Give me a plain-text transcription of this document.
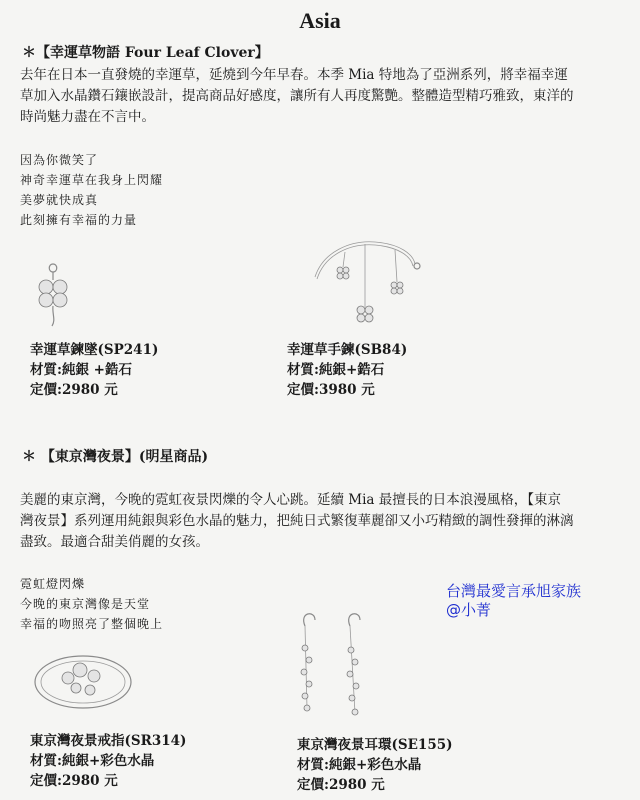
Asia
＊【幸運草物語 Four Leaf Clover】
去年在日本一直發燒的幸運草，延燒到今年早春。本季 Mia 特地為了亞洲系列，將幸福幸運
草加入水晶鑽石鑲嵌設計，提高商品好感度，讓所有人再度驚艷。整體造型精巧雅致，東洋的
時尚魅力盡在不言中。
因為你微笑了
神奇幸運草在我身上閃耀
美夢就快成真
此刻擁有幸福的力量
幸運草鍊墜(SP241)
材質:純銀 +鋯石
定價:2980 元
幸運草手鍊(SB84)
材質:純銀+鋯石
定價:3980 元
＊ 【東京灣夜景】(明星商品)
美麗的東京灣，今晚的霓虹夜景閃爍的令人心跳。延續 Mia 最擅長的日本浪漫風格，【東京
灣夜景】系列運用純銀與彩色水晶的魅力，把純日式繁復華麗卻又小巧精緻的調性發揮的淋漓
盡致。最適合甜美俏麗的女孩。
霓虹燈閃爍
今晚的東京灣像是天堂
幸福的吻照亮了整個晚上
台灣最愛言承旭家族
@小菁
東京灣夜景戒指(SR314)
材質:純銀+彩色水晶
定價:2980 元
東京灣夜景耳環(SE155)
材質:純銀+彩色水晶
定價:2980 元
